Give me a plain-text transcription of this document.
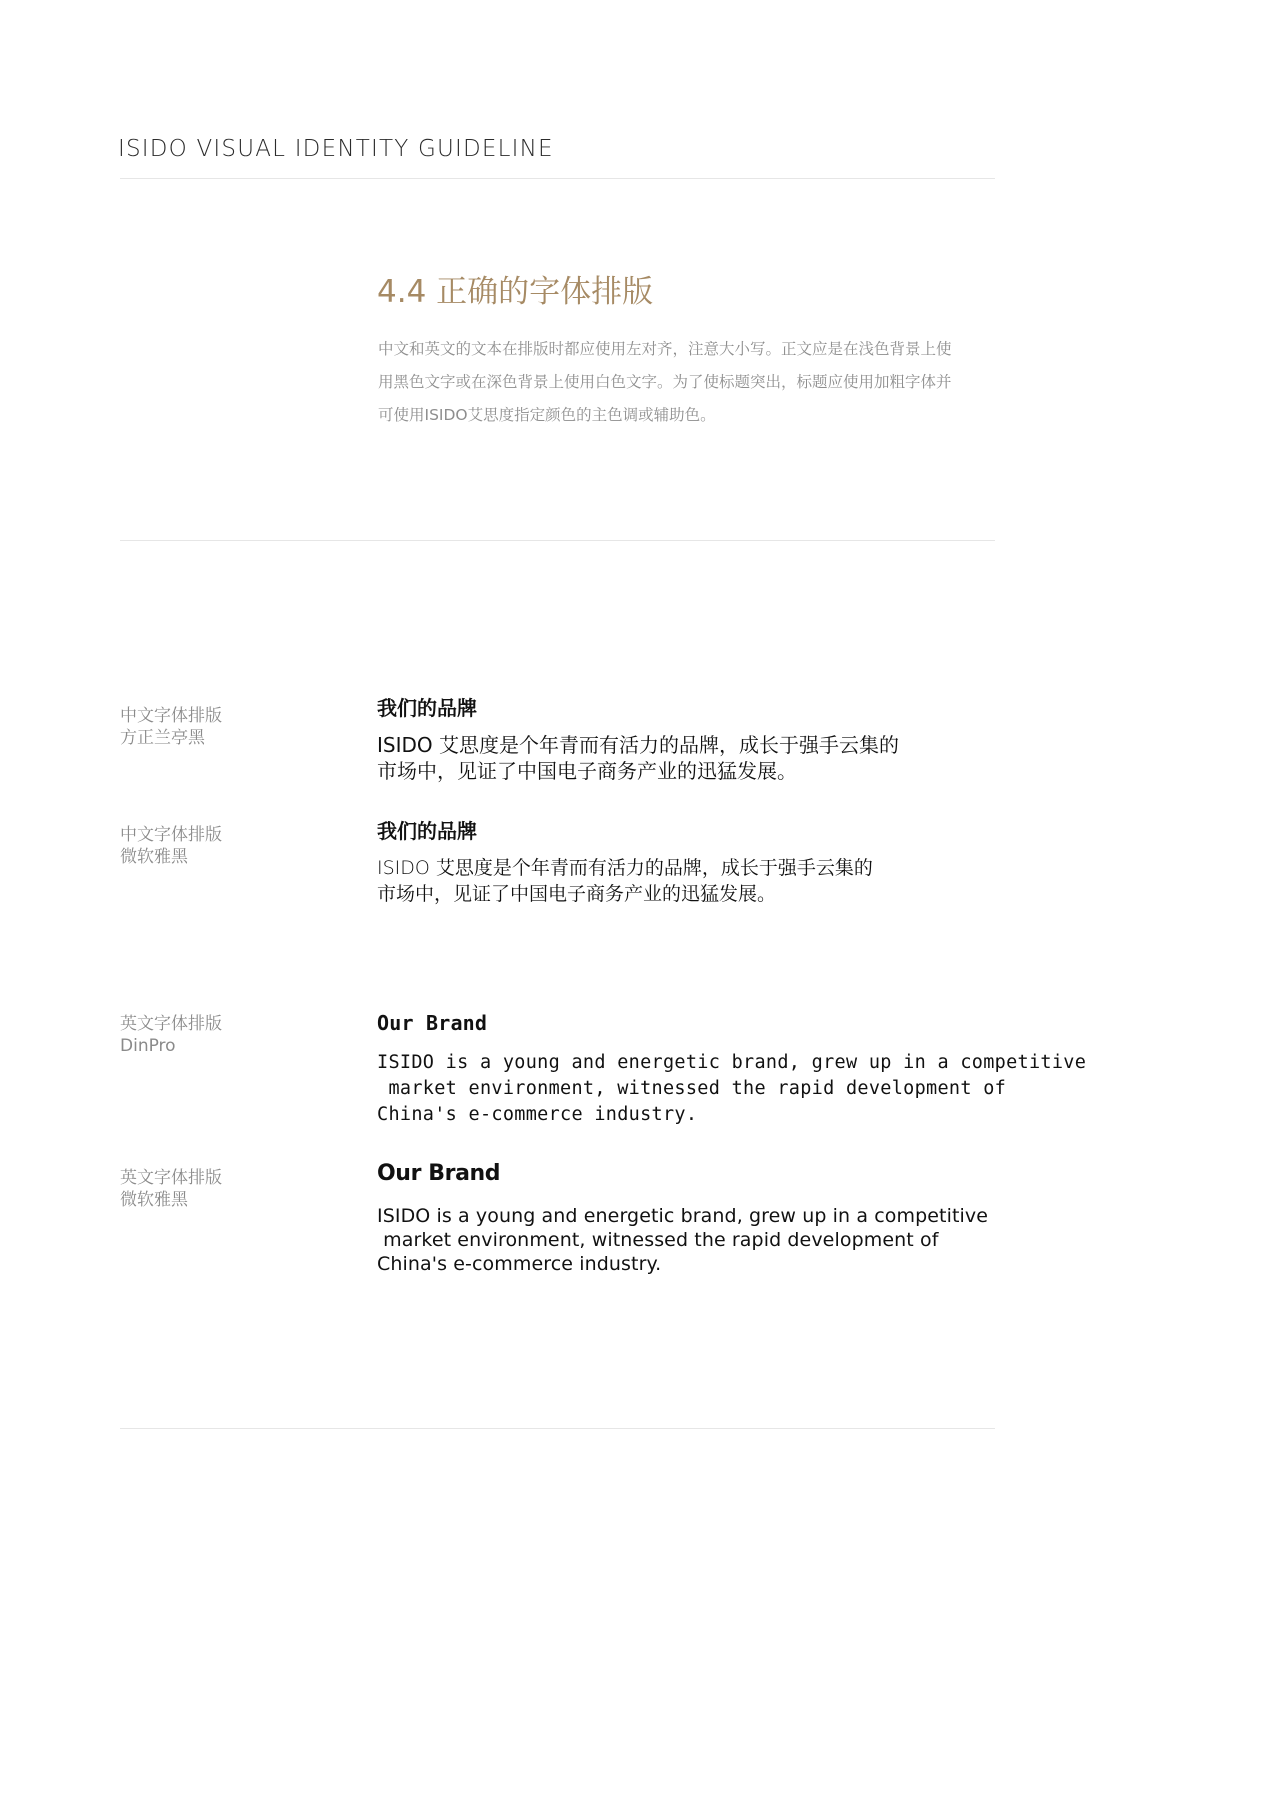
ISIDO VISUAL IDENTITY GUIDELINE
4.4 正确的字体排版
中文和英文的文本在排版时都应使用左对齐，注意大小写。正文应是在浅色背景上使
用黑色文字或在深色背景上使用白色文字。为了使标题突出，标题应使用加粗字体并
可使用ISIDO艾思度指定颜色的主色调或辅助色。
中文字体排版
方正兰亭黑
我们的品牌
ISIDO 艾思度是个年青而有活力的品牌，成长于强手云集的
市场中，见证了中国电子商务产业的迅猛发展。
中文字体排版
微软雅黑
我们的品牌
ISIDO 艾思度是个年青而有活力的品牌，成长于强手云集的
市场中，见证了中国电子商务产业的迅猛发展。
英文字体排版
DinPro
Our Brand
ISIDO is a young and energetic brand, grew up in a competitive
market environment, witnessed the rapid development of
China's e-commerce industry.
英文字体排版
微软雅黑
Our Brand
ISIDO is a young and energetic brand, grew up in a competitive
market environment, witnessed the rapid development of
China's e-commerce industry.
